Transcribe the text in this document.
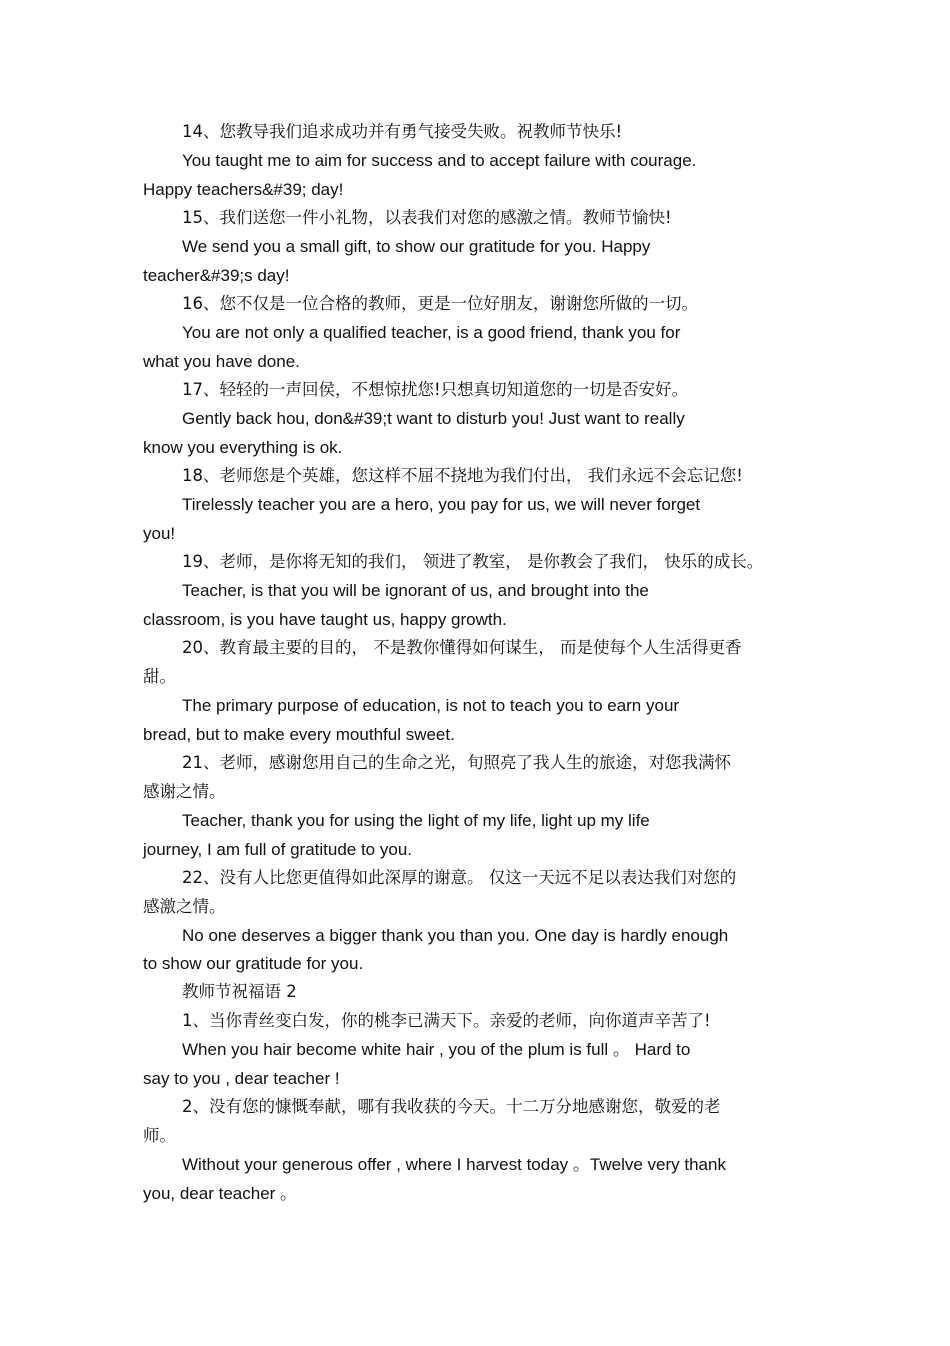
14、您教导我们追求成功并有勇气接受失败。祝教师节快乐!
You taught me to aim for success and to accept failure with courage.
Happy teachers&#39; day!
15、我们送您一件小礼物，以表我们对您的感激之情。教师节愉快!
We send you a small gift, to show our gratitude for you. Happy
teacher&#39;s day!
16、您不仅是一位合格的教师，更是一位好朋友，谢谢您所做的一切。
You are not only a qualified teacher, is a good friend, thank you for
what you have done.
17、轻轻的一声回侯，不想惊扰您!只想真切知道您的一切是否安好。
Gently back hou, don&#39;t want to disturb you! Just want to really
know you everything is ok.
18、老师您是个英雄，您这样不屈不挠地为我们付出， 我们永远不会忘记您!
Tirelessly teacher you are a hero, you pay for us, we will never forget
you!
19、老师，是你将无知的我们， 领进了教室， 是你教会了我们， 快乐的成长。
Teacher, is that you will be ignorant of us, and brought into the
classroom, is you have taught us, happy growth.
20、教育最主要的目的， 不是教你懂得如何谋生， 而是使每个人生活得更香
甜。
The primary purpose of education, is not to teach you to earn your
bread, but to make every mouthful sweet.
21、老师，感谢您用自己的生命之光，旬照亮了我人生的旅途，对您我满怀
感谢之情。
Teacher, thank you for using the light of my life, light up my life
journey, I am full of gratitude to you.
22、没有人比您更值得如此深厚的谢意。 仅这一天远不足以表达我们对您的
感激之情。
No one deserves a bigger thank you than you. One day is hardly enough
to show our gratitude for you.
教师节祝福语 2
1、当你青丝变白发，你的桃李已满天下。亲爱的老师，向你道声辛苦了!
When you hair become white hair , you of the plum is full 。 Hard to
say to you , dear teacher !
2、没有您的慷慨奉献，哪有我收获的今天。十二万分地感谢您，敬爱的老
师。
Without your generous offer , where I harvest today 。Twelve very thank
you, dear teacher 。
